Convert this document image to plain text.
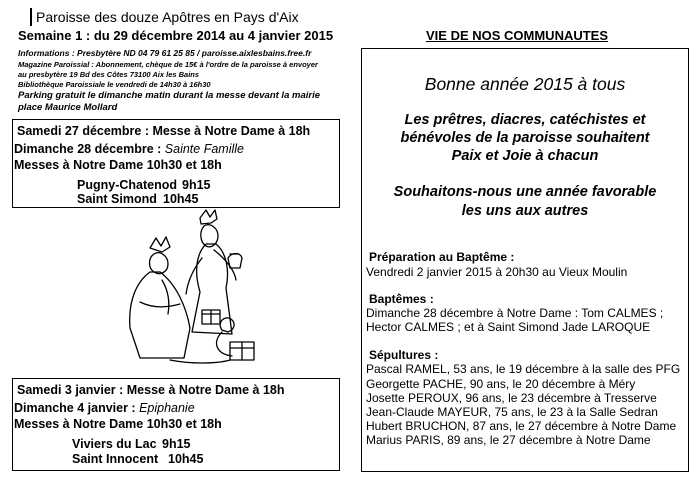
Paroisse des douze Apôtres en Pays d'Aix
Semaine 1 : du 29 décembre 2014 au 4 janvier 2015
Informations : Presbytère ND 04 79 61 25 85 / paroisse.aixlesbains.free.fr
Magazine Paroissial : Abonnement, chèque de 15€ à l'ordre de la paroisse à envoyer
au presbytère 19 Bd des Côtes 73100 Aix les Bains
Bibliothèque Paroissiale le vendredi de 14h30 à 16h30
Parking gratuit le dimanche matin durant la messe devant la mairie
place Maurice Mollard
Samedi 27 décembre : Messe à Notre Dame à 18h
Dimanche 28 décembre : Sainte Famille
Messes à Notre Dame 10h30 et 18h
Pugny-Chatenod 9h15
Saint Simond 10h45
Samedi 3 janvier : Messe à Notre Dame à 18h
Dimanche 4 janvier : Epiphanie
Messes à Notre Dame 10h30 et 18h
Viviers du Lac 9h15
Saint Innocent 10h45
VIE DE NOS COMMUNAUTES
Bonne année 2015 à tous
Les prêtres, diacres, catéchistes et
bénévoles de la paroisse souhaitent
Paix et Joie à chacun
Souhaitons-nous une année favorable
les uns aux autres
Préparation au Baptême :
Vendredi 2 janvier 2015 à 20h30 au Vieux Moulin
Baptêmes :
Dimanche 28 décembre à Notre Dame : Tom CALMES ;
Hector CALMES ; et à Saint Simond Jade LAROQUE
Sépultures :
Pascal RAMEL, 53 ans, le 19 décembre à la salle des PFG
Georgette PACHE, 90 ans, le 20 décembre à Méry
Josette PEROUX, 96 ans, le 23 décembre à Tresserve
Jean-Claude MAYEUR, 75 ans, le 23 à la Salle Sedran
Hubert BRUCHON, 87 ans, le 27 décembre à Notre Dame
Marius PARIS, 89 ans, le 27 décembre à Notre Dame
